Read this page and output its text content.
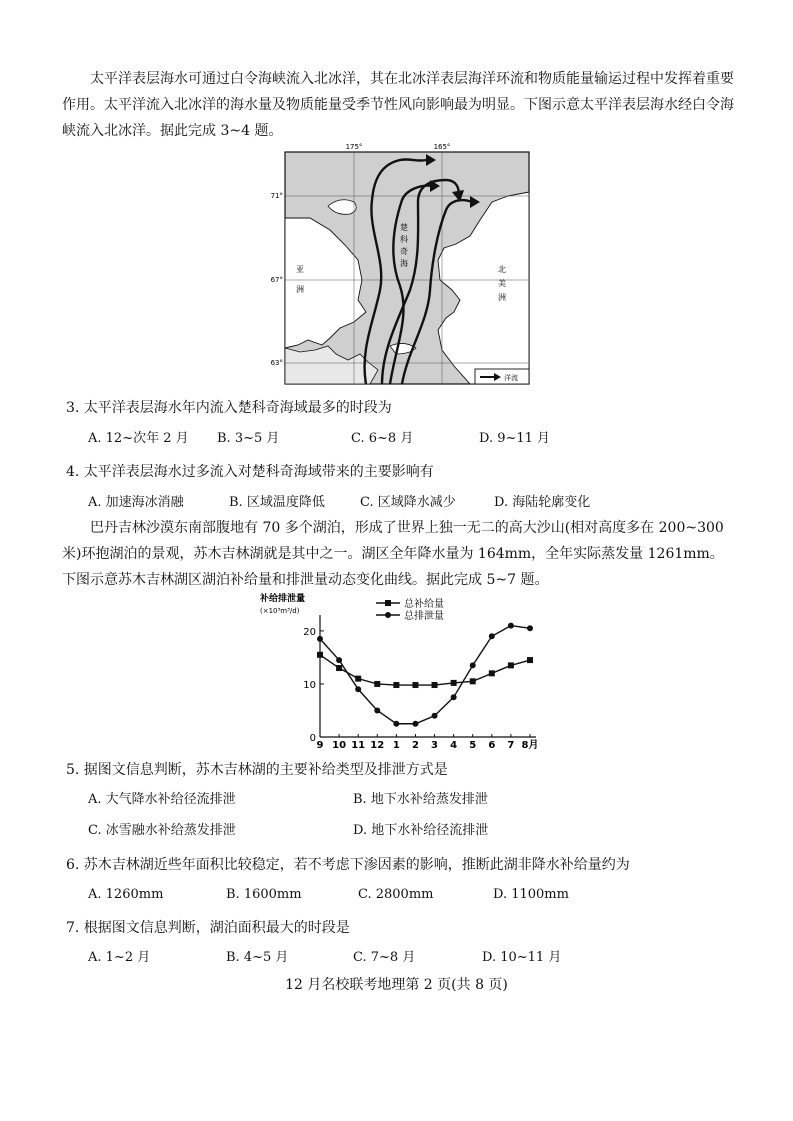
太平洋表层海水可通过白令海峡流入北冰洋，其在北冰洋表层海洋环流和物质能量输运过程中发挥着重要作用。太平洋流入北冰洋的海水量及物质能量受季节性风向影响最为明显。下图示意太平洋表层海水经白令海峡流入北冰洋。据此完成 3~4 题。
175°	165°
71°
67°
63°
楚科奇海
亚洲
北美洲
洋流
3. 太平洋表层海水年内流入楚科奇海域最多的时段为
A. 12~次年 2 月 B. 3~5 月	C. 6~8 月	D. 9~11 月
4. 太平洋表层海水过多流入对楚科奇海域带来的主要影响有
A. 加速海冰消融	B. 区域温度降低	C. 区域降水减少	D. 海陆轮廓变化
巴丹吉林沙漠东南部腹地有 70 多个湖泊，形成了世界上独一无二的高大沙山(相对高度多在 200~300 米)环抱湖泊的景观，苏木吉林湖就是其中之一。湖区全年降水量为 164mm，全年实际蒸发量 1261mm。下图示意苏木吉林湖区湖泊补给量和排泄量动态变化曲线。据此完成 5~7 题。
补给排泄量
(×10³m³/d)
0
10
20
9 10 11 12 1 2 3 4 5 6 7 8月
总补给量
总排泄量
5. 据图文信息判断，苏木吉林湖的主要补给类型及排泄方式是
A. 大气降水补给径流排泄	B. 地下水补给蒸发排泄
C. 冰雪融水补给蒸发排泄	D. 地下水补给径流排泄
6. 苏木吉林湖近些年面积比较稳定，若不考虑下渗因素的影响，推断此湖非降水补给量约为
A. 1260mm	B. 1600mm	C. 2800mm	D. 1100mm
7. 根据图文信息判断，湖泊面积最大的时段是
A. 1~2 月	B. 4~5 月	C. 7~8 月	D. 10~11 月
12 月名校联考地理第 2 页(共 8 页)
